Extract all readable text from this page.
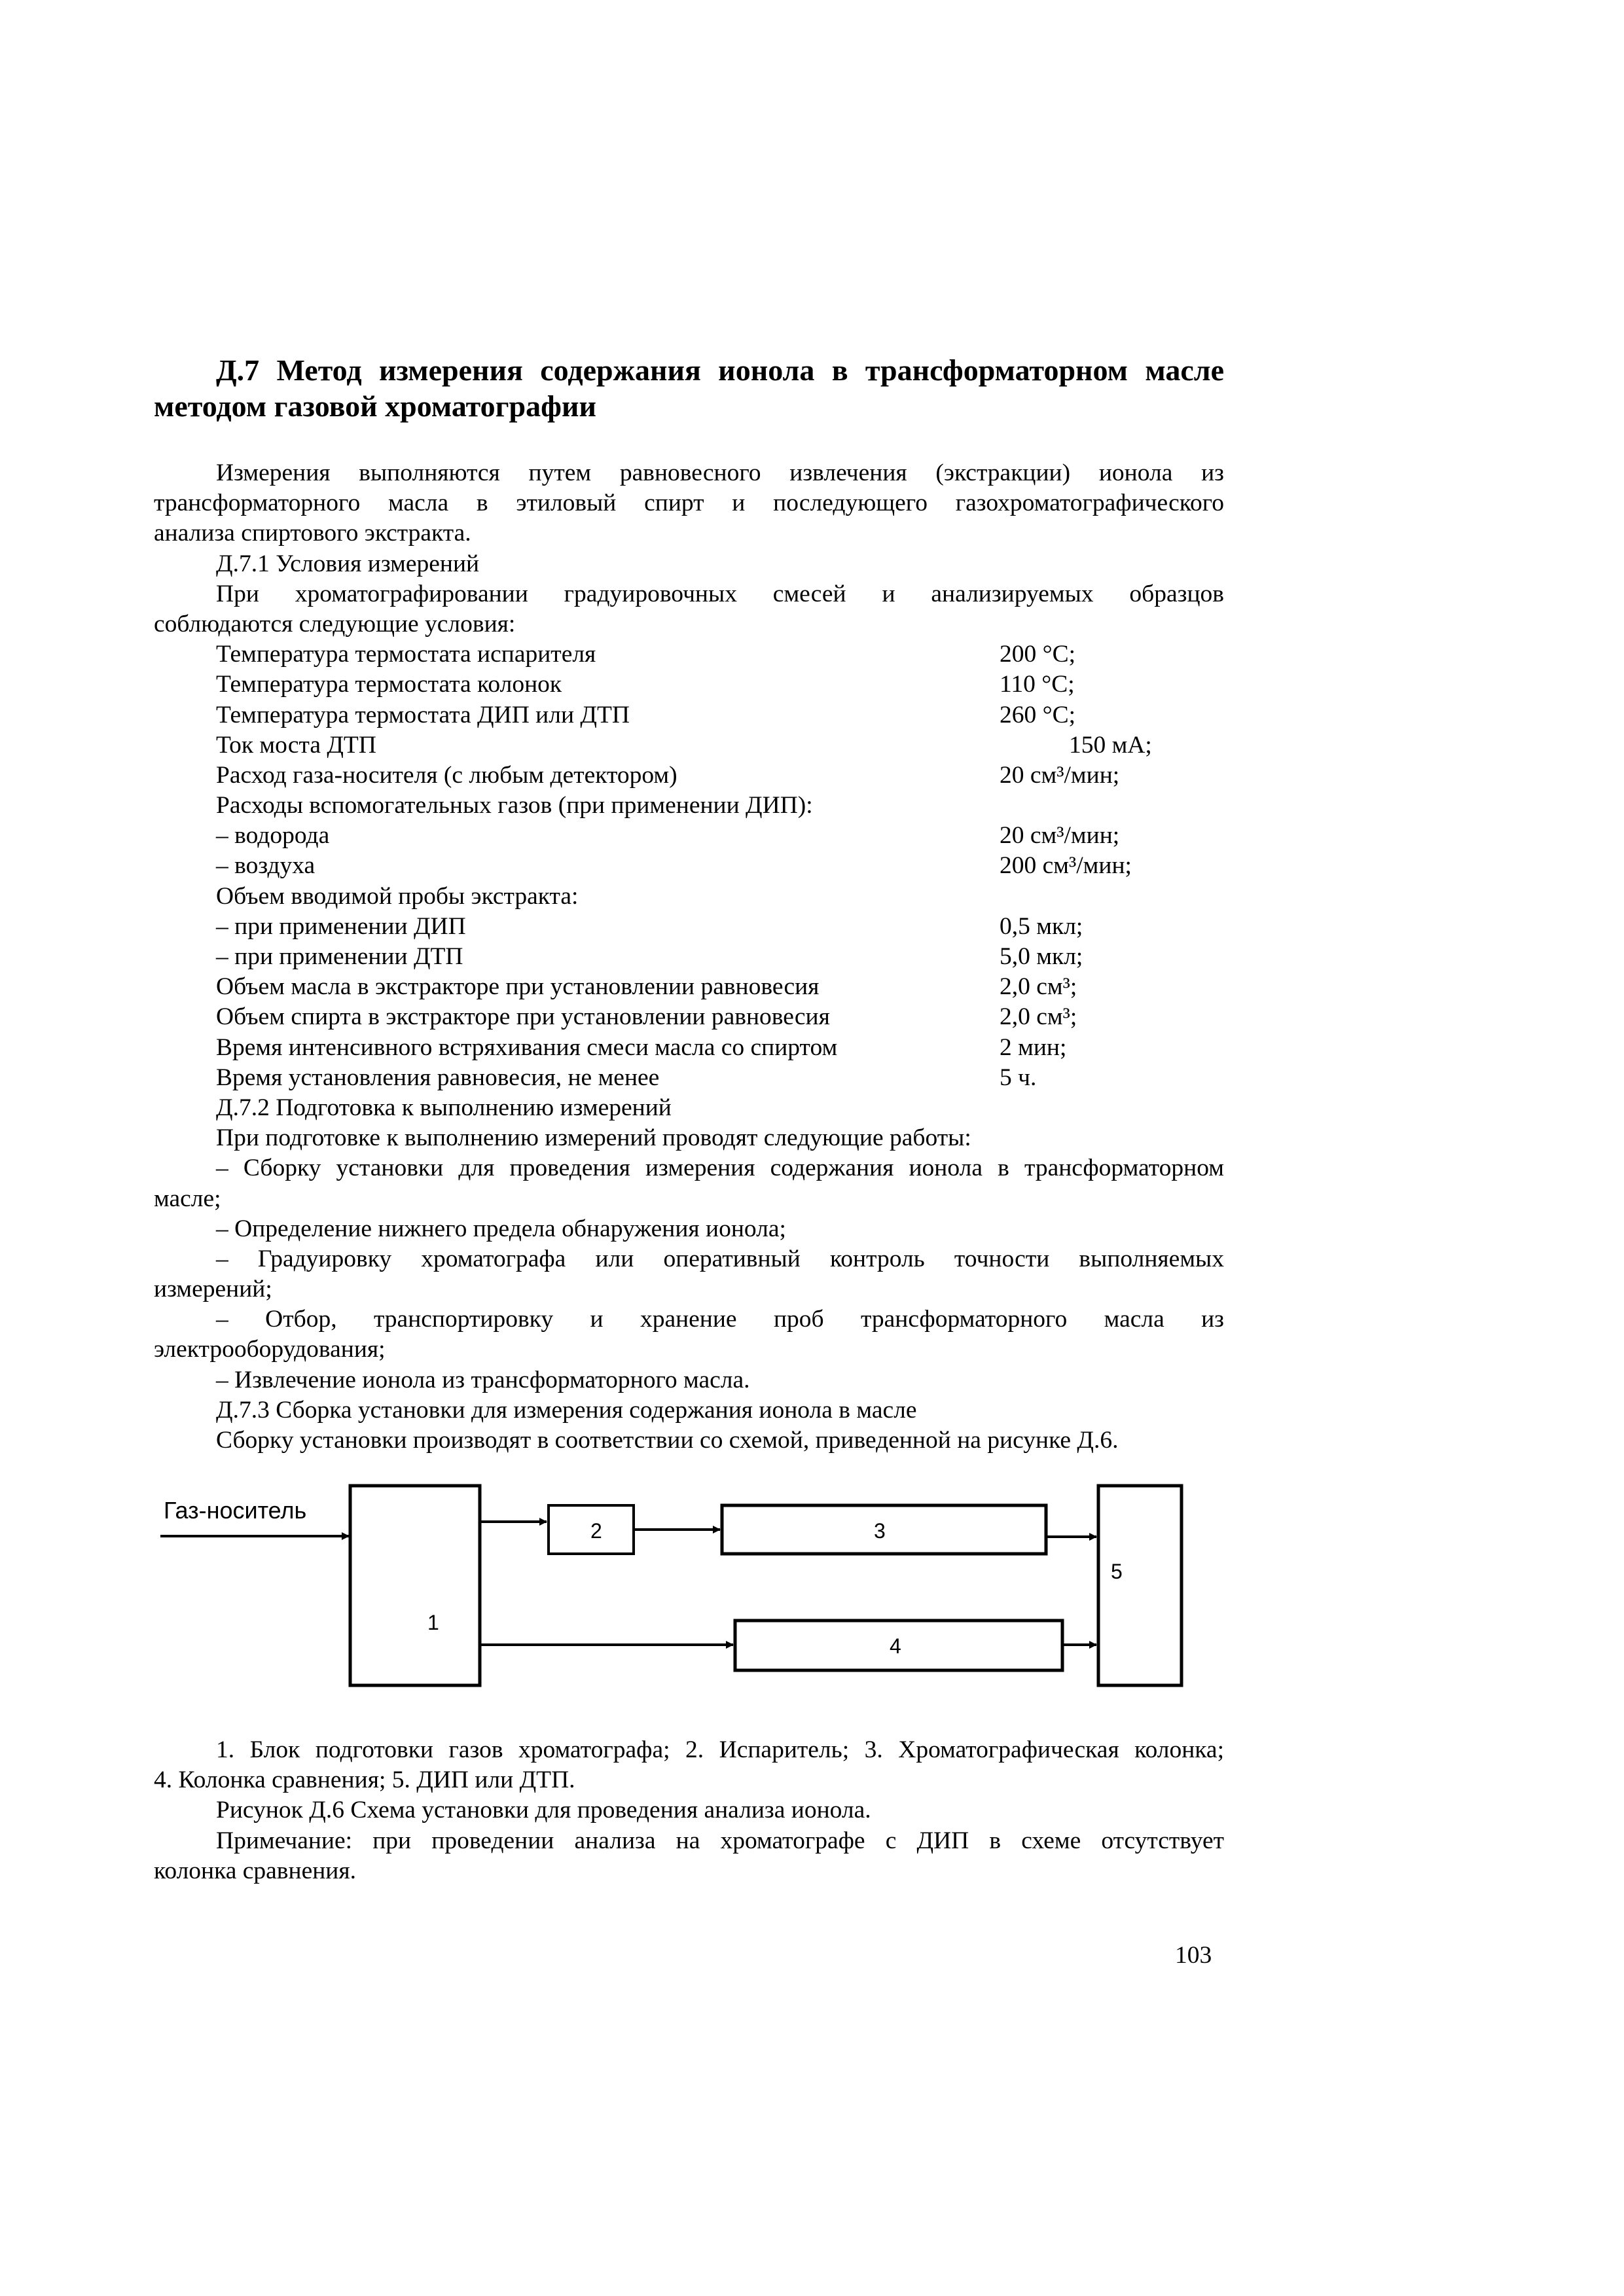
Д.7 Метод измерения содержания ионола в трансформаторном масле
методом газовой хроматографии
Измерения выполняются путем равновесного извлечения (экстракции) ионола из
трансформаторного масла в этиловый спирт и последующего газохроматографического
анализа спиртового экстракта.
Д.7.1 Условия измерений
При хроматографировании градуировочных смесей и анализируемых образцов
соблюдаются следующие условия:
Температура термостата испарителя	200 °С;
Температура термостата колонок	110 °С;
Температура термостата ДИП или ДТП	260 °С;
Ток моста ДТП	150 мА;
Расход газа-носителя (с любым детектором)	20 см³/мин;
Расходы вспомогательных газов (при применении ДИП):
– водорода	20 см³/мин;
– воздуха	200 см³/мин;
Объем вводимой пробы экстракта:
– при применении ДИП	0,5 мкл;
– при применении ДТП	5,0 мкл;
Объем масла в экстракторе при установлении равновесия	2,0 см³;
Объем спирта в экстракторе при установлении равновесия	2,0 см³;
Время интенсивного встряхивания смеси масла со спиртом	2 мин;
Время установления равновесия, не менее	5 ч.
Д.7.2 Подготовка к выполнению измерений
При подготовке к выполнению измерений проводят следующие работы:
– Сборку установки для проведения измерения содержания ионола в трансформаторном
масле;
– Определение нижнего предела обнаружения ионола;
– Градуировку хроматографа или оперативный контроль точности выполняемых
измерений;
– Отбор, транспортировку и хранение проб трансформаторного масла из
электрооборудования;
– Извлечение ионола из трансформаторного масла.
Д.7.3 Сборка установки для измерения содержания ионола в масле
Сборку установки производят в соответствии со схемой, приведенной на рисунке Д.6.
Газ-носитель
1
2	3
4
5
1. Блок подготовки газов хроматографа; 2. Испаритель; 3. Хроматографическая колонка;
4. Колонка сравнения; 5. ДИП или ДТП.
Рисунок Д.6 Схема установки для проведения анализа ионола.
Примечание: при проведении анализа на хроматографе с ДИП в схеме отсутствует
колонка сравнения.
103
